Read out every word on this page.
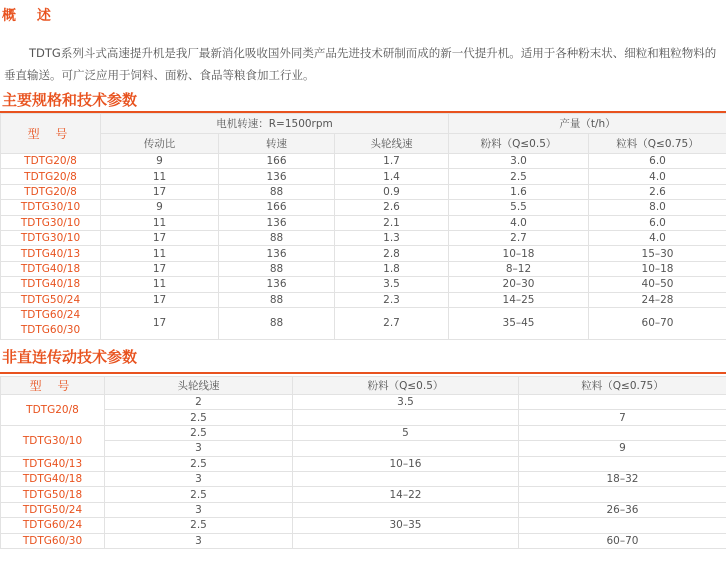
概 述
TDTG系列斗式高速提升机是我厂最新消化吸收国外同类产品先进技术研制而成的新一代提升机。适用于各种粉末状、细粒和粗粒物料的垂直输送。可广泛应用于饲料、面粉、食品等粮食加工行业。
主要规格和技术参数
型 号	电机转速：R=1500rpm			产量（t/h）	
	传动比	转速	头轮线速	粉料（Q≤0.5）	粒料（Q≤0.75）
TDTG20/8	9	166	1.7	3.0	6.0
TDTG20/8	11	136	1.4	2.5	4.0
TDTG20/8	17	88	0.9	1.6	2.6
TDTG30/10	9	166	2.6	5.5	8.0
TDTG30/10	11	136	2.1	4.0	6.0
TDTG30/10	17	88	1.3	2.7	4.0
TDTG40/13	11	136	2.8	10–18	15–30
TDTG40/18	17	88	1.8	8–12	10–18
TDTG40/18	11	136	3.5	20–30	40–50
TDTG50/24	17	88	2.3	14–25	24–28

TDTG60/24
TDTG60/30	17	88	2.7	35–45	60–70
非直连传动技术参数
型 号	头轮线速	粉料（Q≤0.5）	粒料（Q≤0.75）
TDTG20/8	2	3.5	
	2.5		7
TDTG30/10	2.5	5	
	3		9
TDTG40/13	2.5	10–16	
TDTG40/18	3		18–32
TDTG50/18	2.5	14–22	
TDTG50/24	3		26–36
TDTG60/24	2.5	30–35	
TDTG60/30	3		60–70
